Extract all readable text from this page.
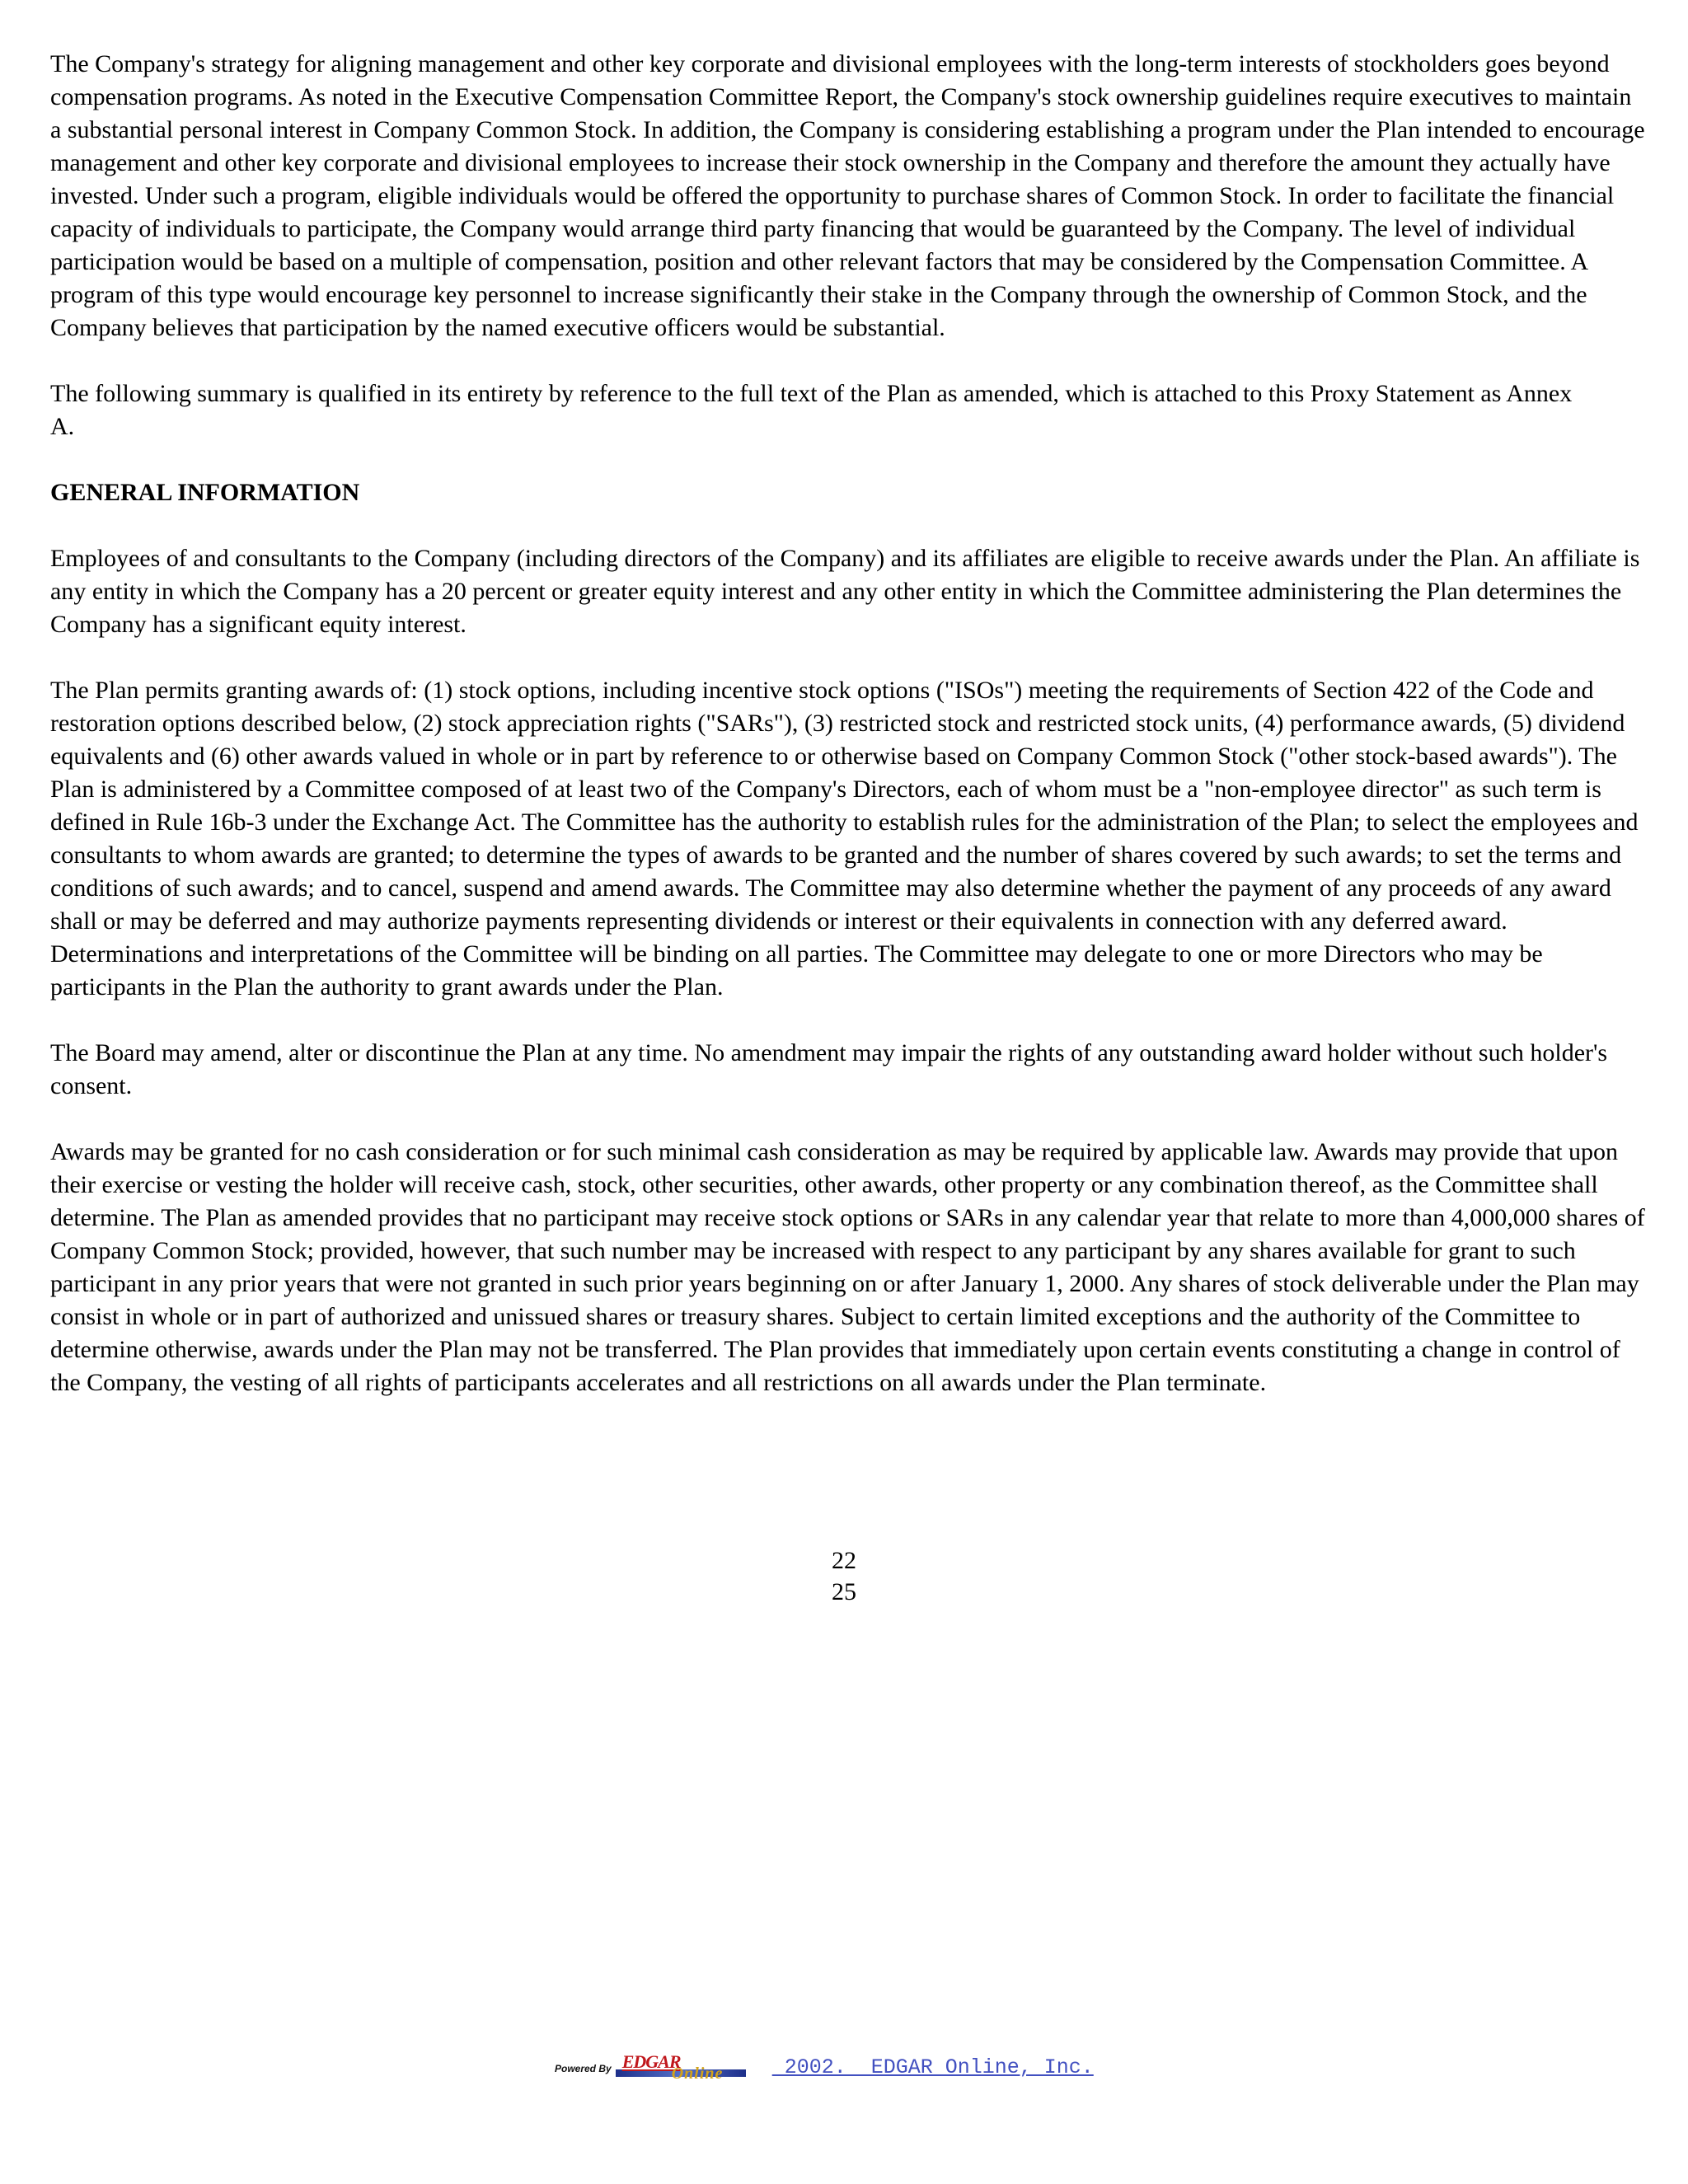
The Company's strategy for aligning management and other key corporate and divisional employees with the long-term interests of stockholders goes beyond compensation programs. As noted in the Executive Compensation Committee Report, the Company's stock ownership guidelines require executives to maintain a substantial personal interest in Company Common Stock. In addition, the Company is considering establishing a program under the Plan intended to encourage management and other key corporate and divisional employees to increase their stock ownership in the Company and therefore the amount they actually have invested. Under such a program, eligible individuals would be offered the opportunity to purchase shares of Common Stock. In order to facilitate the financial capacity of individuals to participate, the Company would arrange third party financing that would be guaranteed by the Company. The level of individual participation would be based on a multiple of compensation, position and other relevant factors that may be considered by the Compensation Committee. A program of this type would encourage key personnel to increase significantly their stake in the Company through the ownership of Common Stock, and the Company believes that participation by the named executive officers would be substantial.

The following summary is qualified in its entirety by reference to the full text of the Plan as amended, which is attached to this Proxy Statement as Annex
A.

GENERAL INFORMATION

Employees of and consultants to the Company (including directors of the Company) and its affiliates are eligible to receive awards under the Plan. An affiliate is any entity in which the Company has a 20 percent or greater equity interest and any other entity in which the Committee administering the Plan determines the Company has a significant equity interest.

The Plan permits granting awards of: (1) stock options, including incentive stock options ("ISOs") meeting the requirements of Section 422 of the Code and restoration options described below, (2) stock appreciation rights ("SARs"), (3) restricted stock and restricted stock units, (4) performance awards, (5) dividend equivalents and (6) other awards valued in whole or in part by reference to or otherwise based on Company Common Stock ("other stock-based awards"). The Plan is administered by a Committee composed of at least two of the Company's Directors, each of whom must be a "non-employee director" as such term is defined in Rule 16b-3 under the Exchange Act. The Committee has the authority to establish rules for the administration of the Plan; to select the employees and consultants to whom awards are granted; to determine the types of awards to be granted and the number of shares covered by such awards; to set the terms and conditions of such awards; and to cancel, suspend and amend awards. The Committee may also determine whether the payment of any proceeds of any award shall or may be deferred and may authorize payments representing dividends or interest or their equivalents in connection with any deferred award. Determinations and interpretations of the Committee will be binding on all parties. The Committee may delegate to one or more Directors who may be participants in the Plan the authority to grant awards under the Plan.

The Board may amend, alter or discontinue the Plan at any time. No amendment may impair the rights of any outstanding award holder without such holder's consent.

Awards may be granted for no cash consideration or for such minimal cash consideration as may be required by applicable law. Awards may provide that upon their exercise or vesting the holder will receive cash, stock, other securities, other awards, other property or any combination thereof, as the Committee shall determine. The Plan as amended provides that no participant may receive stock options or SARs in any calendar year that relate to more than 4,000,000 shares of Company Common Stock; provided, however, that such number may be increased with respect to any participant by any shares available for grant to such participant in any prior years that were not granted in such prior years beginning on or after January 1, 2000. Any shares of stock deliverable under the Plan may consist in whole or in part of authorized and unissued shares or treasury shares. Subject to certain limited exceptions and the authority of the Committee to determine otherwise, awards under the Plan may not be transferred. The Plan provides that immediately upon certain events constituting a change in control of the Company, the vesting of all rights of participants accelerates and all restrictions on all awards under the Plan terminate.

22
25
Powered By EDGAR
Online 2002.  EDGAR Online, Inc.
